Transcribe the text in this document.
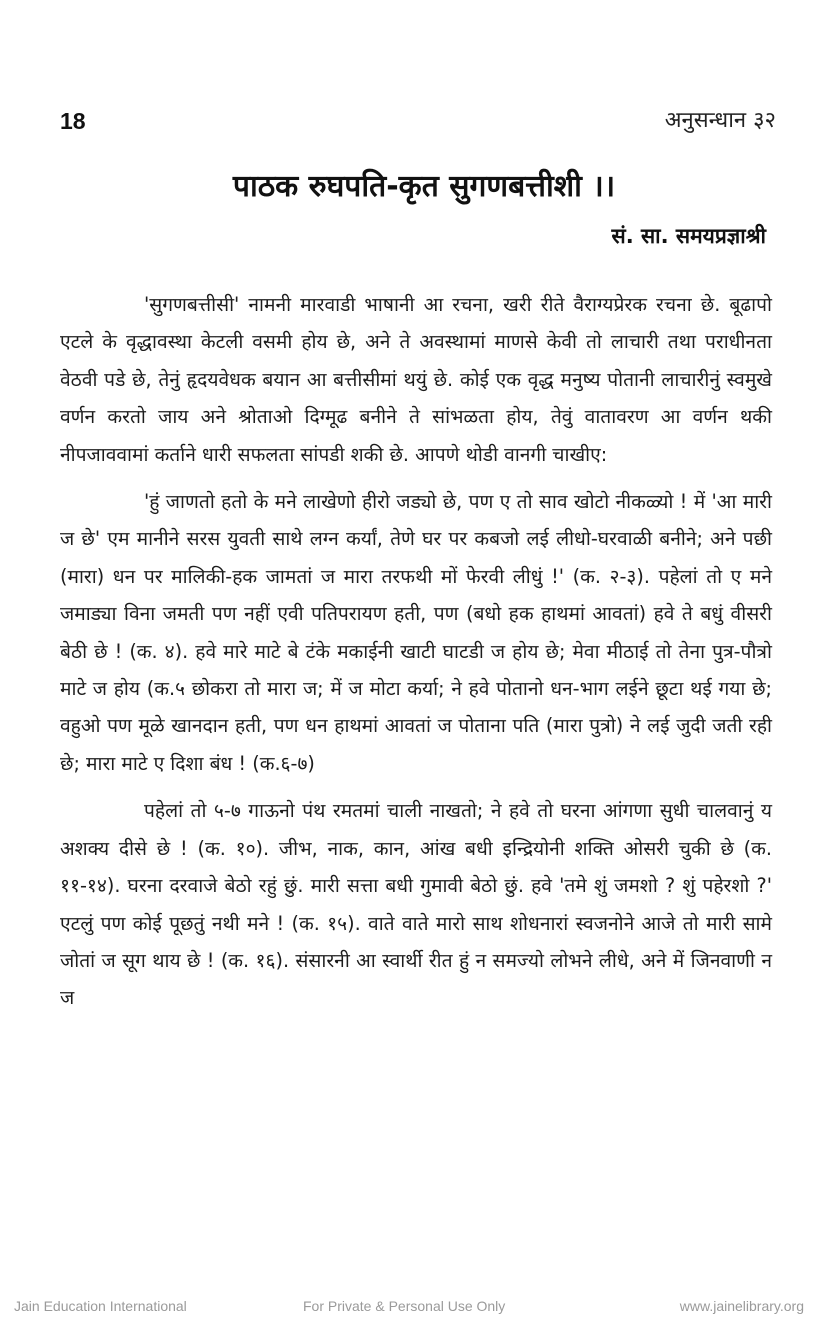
18	अनुसन्धान ३२
पाठक रुघपति-कृत सुगणबत्तीशी ।।
सं. सा. समयप्रज्ञाश्री

'सुगणबत्तीसी' नामनी मारवाडी भाषानी आ रचना, खरी रीते वैराग्यप्रेरक रचना छे. बूढापो एटले के वृद्धावस्था केटली वसमी होय छे, अने ते अवस्थामां माणसे केवी तो लाचारी तथा पराधीनता वेठवी पडे छे, तेनुं हृदयवेधक बयान आ बत्तीसीमां थयुं छे. कोई एक वृद्ध मनुष्य पोतानी लाचारीनुं स्वमुखे वर्णन करतो जाय अने श्रोताओ दिग्मूढ बनीने ते सांभळता होय, तेवुं वातावरण आ वर्णन थकी नीपजाववामां कर्ताने धारी सफलता सांपडी शकी छे. आपणे थोडी वानगी चाखीए:

'हुं जाणतो हतो के मने लाखेणो हीरो जड्यो छे, पण ए तो साव खोटो नीकळ्यो ! में 'आ मारी ज छे' एम मानीने सरस युवती साथे लग्न कर्यां, तेणे घर पर कबजो लई लीधो-घरवाळी बनीने; अने पछी (मारा) धन पर मालिकी-हक जामतां ज मारा तरफथी मों फेरवी लीधुं !' (क. २-३). पहेलां तो ए मने जमाड्या विना जमती पण नहीं एवी पतिपरायण हती, पण (बधो हक हाथमां आवतां) हवे ते बधुं वीसरी बेठी छे ! (क. ४). हवे मारे माटे बे टंके मकाईनी खाटी घाटडी ज होय छे; मेवा मीठाई तो तेना पुत्र-पौत्रो माटे ज होय (क.५ छोकरा तो मारा ज; में ज मोटा कर्या; ने हवे पोतानो धन-भाग लईने छूटा थई गया छे; वहुओ पण मूळे खानदान हती, पण धन हाथमां आवतां ज पोताना पति (मारा पुत्रो) ने लई जुदी जती रही छे; मारा माटे ए दिशा बंध ! (क.६-७)

पहेलां तो ५-७ गाऊनो पंथ रमतमां चाली नाखतो; ने हवे तो घरना आंगणा सुधी चालवानुं य अशक्य दीसे छे ! (क. १०). जीभ, नाक, कान, आंख बधी इन्द्रियोनी शक्ति ओसरी चुकी छे (क. ११-१४). घरना दरवाजे बेठो रहुं छुं. मारी सत्ता बधी गुमावी बेठो छुं. हवे 'तमे शुं जमशो ? शुं पहेरशो ?' एटलुं पण कोई पूछतुं नथी मने ! (क. १५). वाते वाते मारो साथ शोधनारां स्वजनोने आजे तो मारी सामे जोतां ज सूग थाय छे ! (क. १६). संसारनी आ स्वार्थी रीत हुं न समज्यो लोभने लीधे, अने में जिनवाणी न ज

Jain Education International	For Private & Personal Use Only	www.jainelibrary.org
